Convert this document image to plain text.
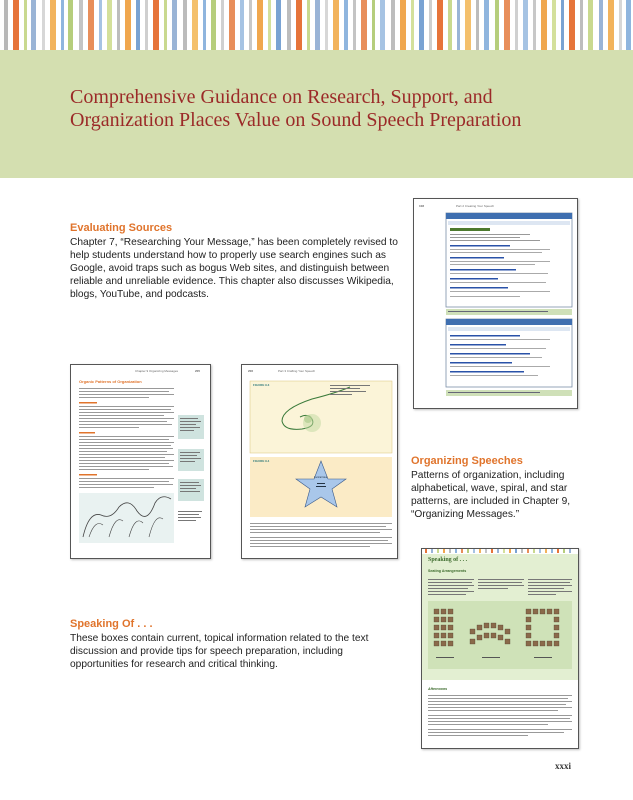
Comprehensive Guidance on Research, Support, and
Organization Places Value on Sound Speech Preparation
Evaluating Sources

Chapter 7, “Researching Your Message,” has been completely revised to help students understand how to properly use search engines such as Google, avoid traps such as bogus Web sites, and distinguish between reliable and unreliable evidence. This chapter also discusses Wikipedia, blogs, YouTube, and podcasts.

Organizing Speeches

Patterns of organization, including alphabetical, wave, spiral, and star patterns, are included in Chapter 9, “Organizing Messages.”

Speaking Of . . .

These boxes contain current, topical information related to the text discussion and provide tips for speech preparation, including opportunities for research and critical thinking.

108	Part 2 Creating Your Speech
Chapter 9 Organizing Messages	205
Organic Patterns of Organization
206	Part 3 Crafting Your Speech
FIGURE 9.3
FIGURE 9.4
Central Idea
Speaking of . . .
Seating Arrangements
Afternoons
xxxi
